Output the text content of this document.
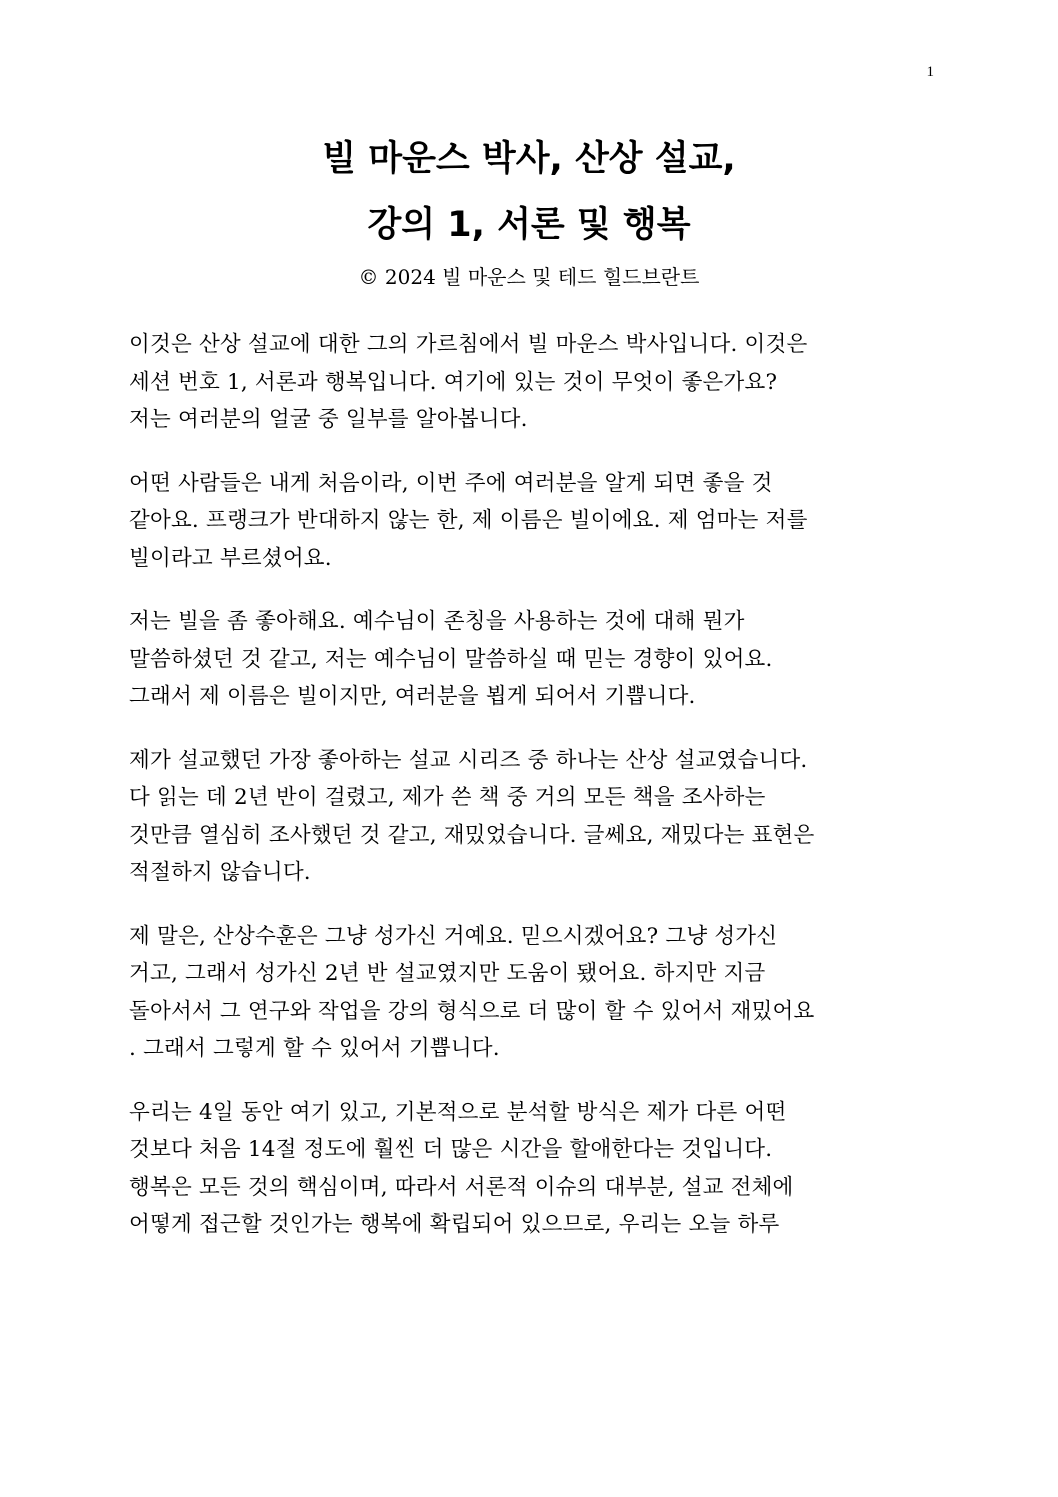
1
빌 마운스 박사, 산상 설교,
강의 1, 서론 및 행복
© 2024 빌 마운스 및 테드 힐드브란트
이것은 산상 설교에 대한 그의 가르침에서 빌 마운스 박사입니다. 이것은
세션 번호 1, 서론과 행복입니다. 여기에 있는 것이 무엇이 좋은가요?
저는 여러분의 얼굴 중 일부를 알아봅니다.
어떤 사람들은 내게 처음이라, 이번 주에 여러분을 알게 되면 좋을 것
같아요. 프랭크가 반대하지 않는 한, 제 이름은 빌이에요. 제 엄마는 저를
빌이라고 부르셨어요.
저는 빌을 좀 좋아해요. 예수님이 존칭을 사용하는 것에 대해 뭔가
말씀하셨던 것 같고, 저는 예수님이 말씀하실 때 믿는 경향이 있어요.
그래서 제 이름은 빌이지만, 여러분을 뵙게 되어서 기쁩니다.
제가 설교했던 가장 좋아하는 설교 시리즈 중 하나는 산상 설교였습니다.
다 읽는 데 2년 반이 걸렸고, 제가 쓴 책 중 거의 모든 책을 조사하는
것만큼 열심히 조사했던 것 같고, 재밌었습니다. 글쎄요, 재밌다는 표현은
적절하지 않습니다.
제 말은, 산상수훈은 그냥 성가신 거예요. 믿으시겠어요? 그냥 성가신
거고, 그래서 성가신 2년 반 설교였지만 도움이 됐어요. 하지만 지금
돌아서서 그 연구와 작업을 강의 형식으로 더 많이 할 수 있어서 재밌어요
. 그래서 그렇게 할 수 있어서 기쁩니다.
우리는 4일 동안 여기 있고, 기본적으로 분석할 방식은 제가 다른 어떤
것보다 처음 14절 정도에 훨씬 더 많은 시간을 할애한다는 것입니다.
행복은 모든 것의 핵심이며, 따라서 서론적 이슈의 대부분, 설교 전체에
어떻게 접근할 것인가는 행복에 확립되어 있으므로, 우리는 오늘 하루
